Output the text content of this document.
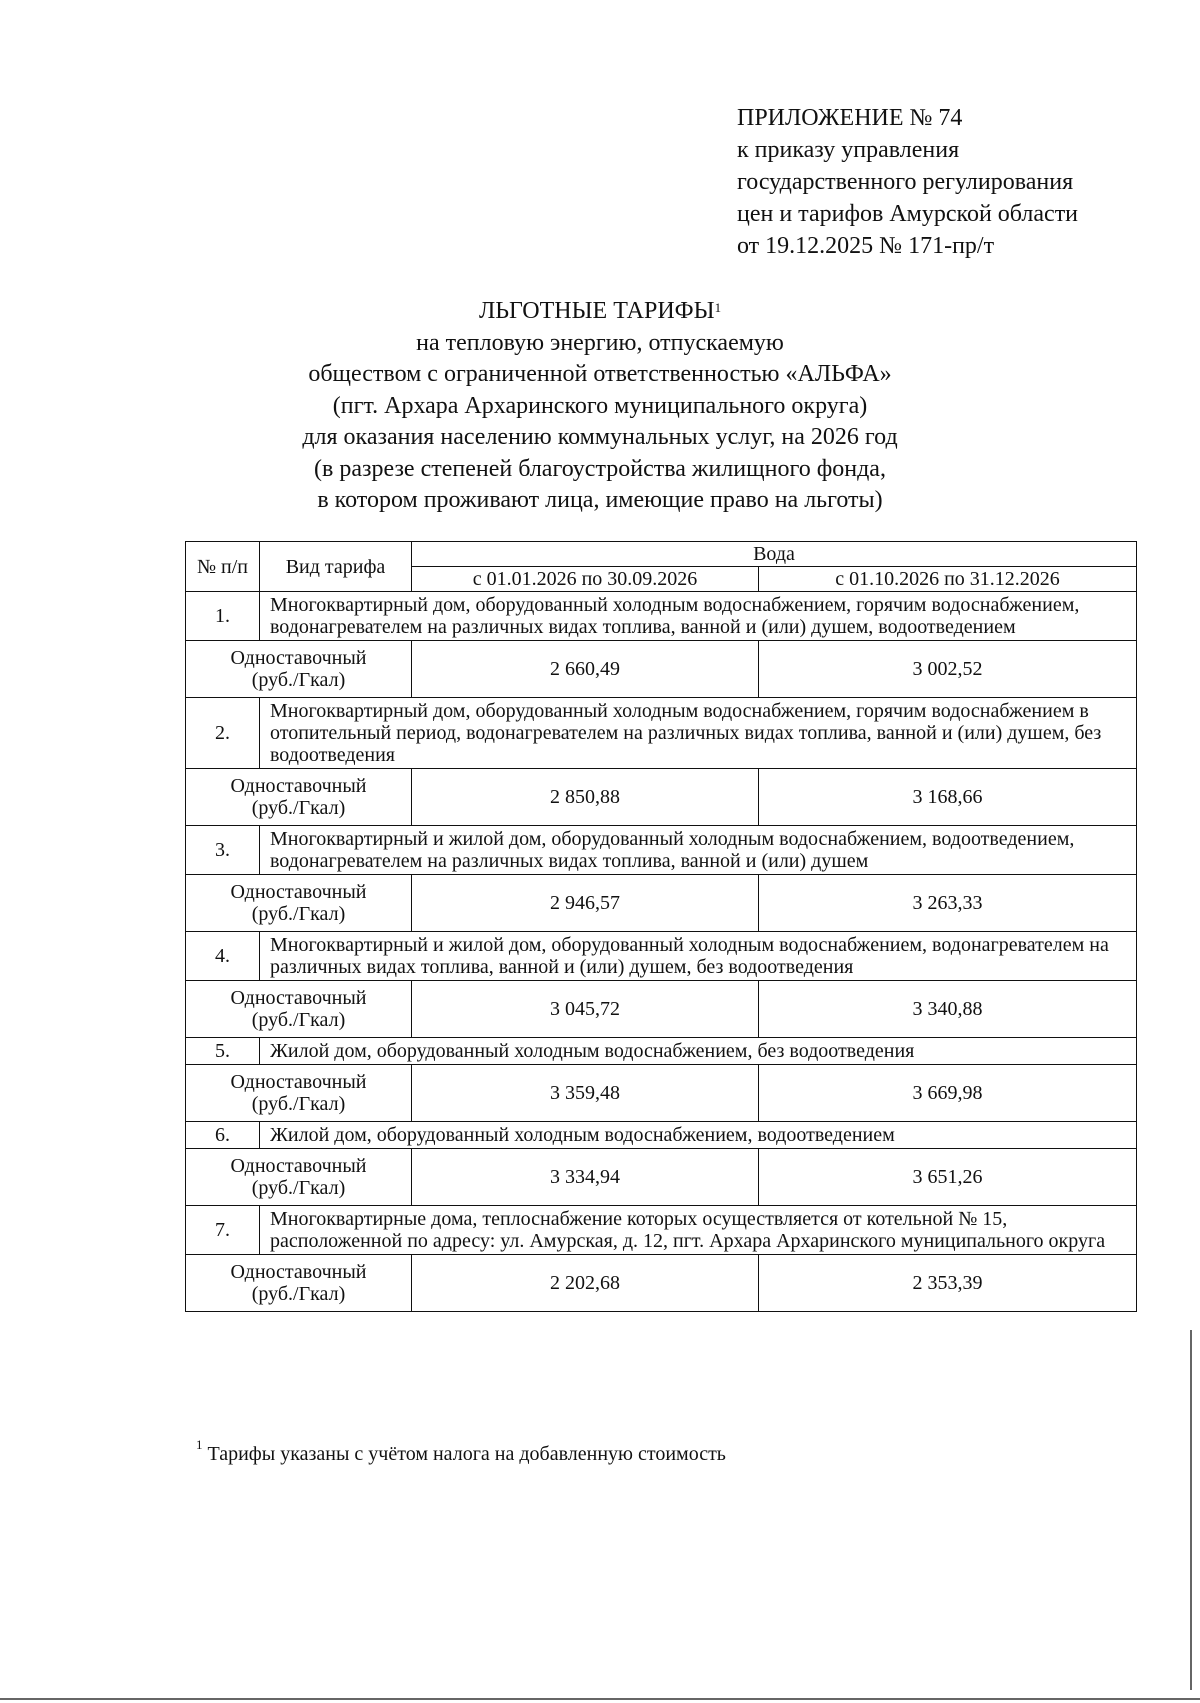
ПРИЛОЖЕНИЕ № 74
к приказу управления
государственного регулирования
цен и тарифов Амурской области
от 19.12.2025 № 171-пр/т
ЛЬГОТНЫЕ ТАРИФЫ$^1$
на тепловую энергию, отпускаемую
обществом с ограниченной ответственностью «АЛЬФА»
(пгт. Архара Архаринского муниципального округа)
для оказания населению коммунальных услуг, на 2026 год
(в разрезе степеней благоустройства жилищного фонда,
в котором проживают лица, имеющие право на льготы)
№ п/п	Вид тарифа	Вода	
		с 01.01.2026 по 30.09.2026	с 01.10.2026 по 31.12.2026
1.	Многоквартирный дом, оборудованный холодным водоснабжением, горячим водоснабжением, водонагревателем на различных видах топлива, ванной и (или) душем, водоотведением		

Одноставочный
(руб./Гкал)		2 660,49	3 002,52
2.	Многоквартирный дом, оборудованный холодным водоснабжением, горячим водоснабжением в отопительный период, водонагревателем на различных видах топлива, ванной и (или) душем, без водоотведения		

Одноставочный
(руб./Гкал)		2 850,88	3 168,66
3.	Многоквартирный и жилой дом, оборудованный холодным водоснабжением, водоотведением, водонагревателем на различных видах топлива, ванной и (или) душем		

Одноставочный
(руб./Гкал)		2 946,57	3 263,33
4.	Многоквартирный и жилой дом, оборудованный холодным водоснабжением, водонагревателем на различных видах топлива, ванной и (или) душем, без водоотведения		

Одноставочный
(руб./Гкал)		3 045,72	3 340,88
5.	Жилой дом, оборудованный холодным водоснабжением, без водоотведения		

Одноставочный
(руб./Гкал)		3 359,48	3 669,98
6.	Жилой дом, оборудованный холодным водоснабжением, водоотведением		

Одноставочный
(руб./Гкал)		3 334,94	3 651,26
7.	Многоквартирные дома, теплоснабжение которых осуществляется от котельной № 15, расположенной по адресу: ул. Амурская, д. 12, пгт. Архара Архаринского муниципального округа		

Одноставочный
(руб./Гкал)		2 202,68	2 353,39
$^1$ Тарифы указаны с учётом налога на добавленную стоимость
